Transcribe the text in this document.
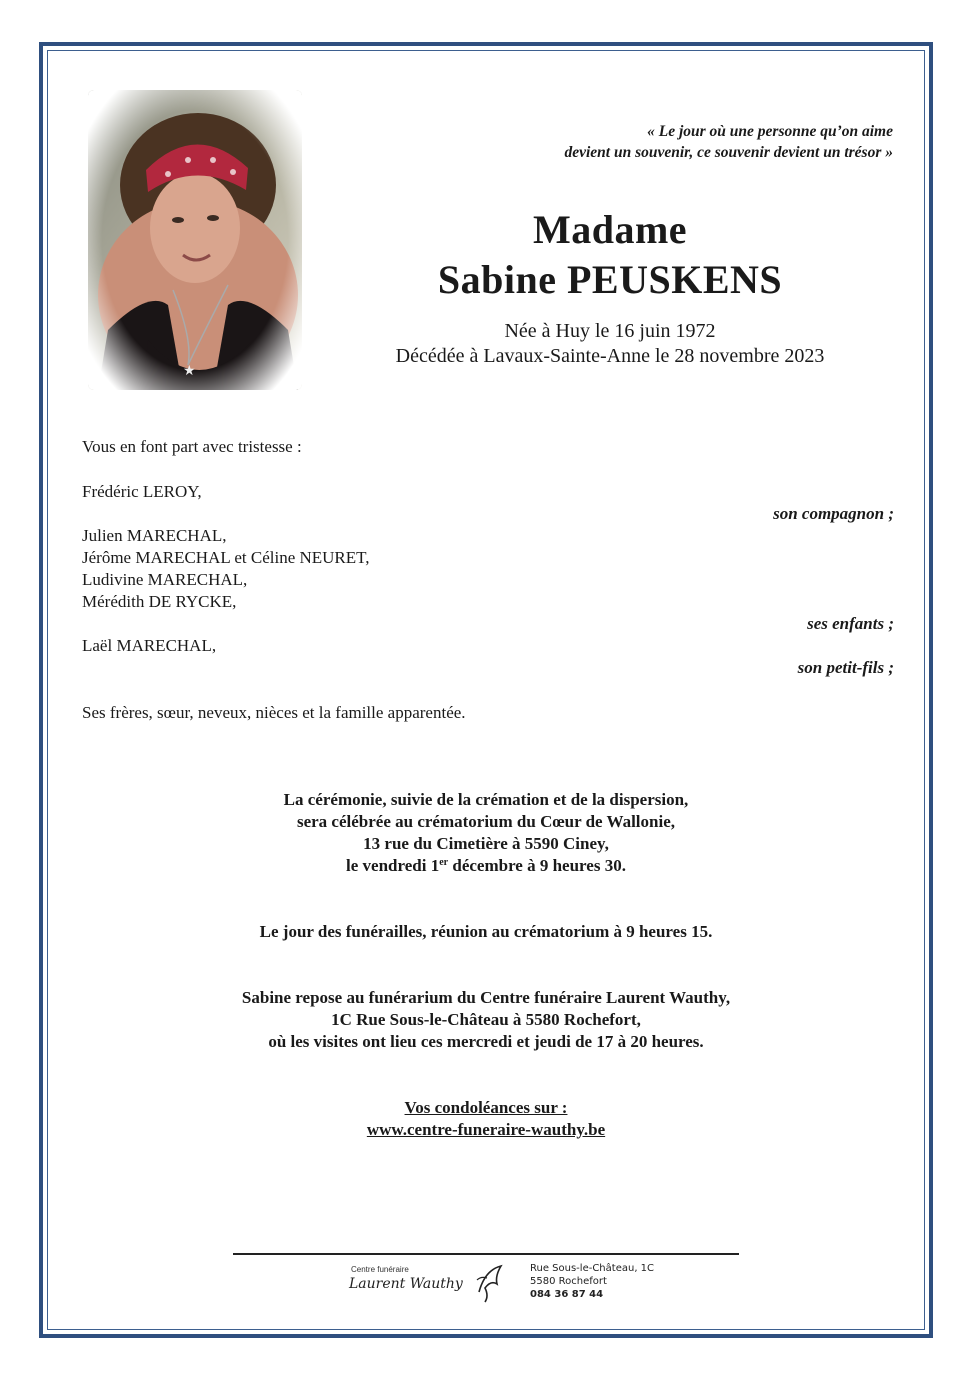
« Le jour où une personne qu’on aime
devient un souvenir, ce souvenir devient un trésor »
Madame
Sabine PEUSKENS
Née à Huy le 16 juin 1972
Décédée à Lavaux-Sainte-Anne le 28 novembre 2023
Vous en font part avec tristesse :
Frédéric LEROY,
son compagnon ;
Julien MARECHAL,
Jérôme MARECHAL et Céline NEURET,
Ludivine MARECHAL,
Mérédith DE RYCKE,
ses enfants ;
Laël MARECHAL,
son petit-fils ;
Ses frères, sœur, neveux, nièces et la famille apparentée.
La cérémonie, suivie de la crémation et de la dispersion,
sera célébrée au crématorium du Cœur de Wallonie,
13 rue du Cimetière à 5590 Ciney,
le vendredi 1er décembre à 9 heures 30.
Le jour des funérailles, réunion au crématorium à 9 heures 15.
Sabine repose au funérarium du Centre funéraire Laurent Wauthy,
1C Rue Sous-le-Château à 5580 Rochefort,
où les visites ont lieu ces mercredi et jeudi de 17 à 20 heures.
Vos condoléances sur :
www.centre-funeraire-wauthy.be
Centre funéraire
Laurent Wauthy
Rue Sous-le-Château, 1C
5580 Rochefort
084 36 87 44
